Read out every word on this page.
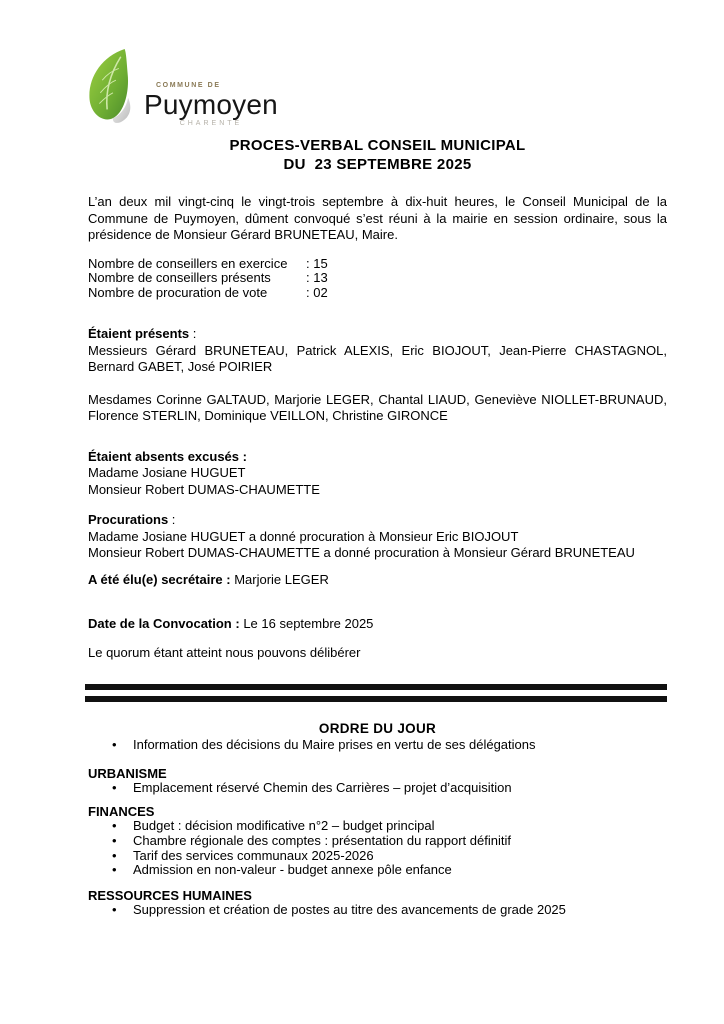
COMMUNE DE
Puymoyen
CHARENTE
PROCES-VERBAL CONSEIL MUNICIPAL
DU  23 SEPTEMBRE 2025

L’an deux mil vingt-cinq le vingt-trois septembre à dix-huit heures, le Conseil Municipal de la Commune de Puymoyen, dûment convoqué s’est réuni à la mairie en session ordinaire, sous la présidence de Monsieur Gérard BRUNETEAU, Maire.

Nombre de conseillers en exercice : 15
Nombre de conseillers présents	: 13
Nombre de procuration de vote	: 02
Étaient présents :

Messieurs Gérard BRUNETEAU, Patrick ALEXIS, Eric BIOJOUT, Jean-Pierre CHASTAGNOL, Bernard GABET, José POIRIER

Mesdames Corinne GALTAUD, Marjorie LEGER, Chantal LIAUD, Geneviève NIOLLET-BRUNAUD, Florence STERLIN, Dominique VEILLON, Christine GIRONCE

Étaient absents excusés :
Madame Josiane HUGUET
Monsieur Robert DUMAS-CHAUMETTE
Procurations :
Madame Josiane HUGUET a donné procuration à Monsieur Eric BIOJOUT
Monsieur Robert DUMAS-CHAUMETTE a donné procuration à Monsieur Gérard BRUNETEAU
A été élu(e) secrétaire : Marjorie LEGER
Date de la Convocation : Le 16 septembre 2025
Le quorum étant atteint nous pouvons délibérer
ORDRE DU JOUR
• Information des décisions du Maire prises en vertu de ses délégations
URBANISME
• Emplacement réservé Chemin des Carrières – projet d’acquisition
FINANCES
• Budget : décision modificative n°2 – budget principal
• Chambre régionale des comptes : présentation du rapport définitif
• Tarif des services communaux 2025-2026
• Admission en non-valeur - budget annexe pôle enfance
RESSOURCES HUMAINES
• Suppression et création de postes au titre des avancements de grade 2025
